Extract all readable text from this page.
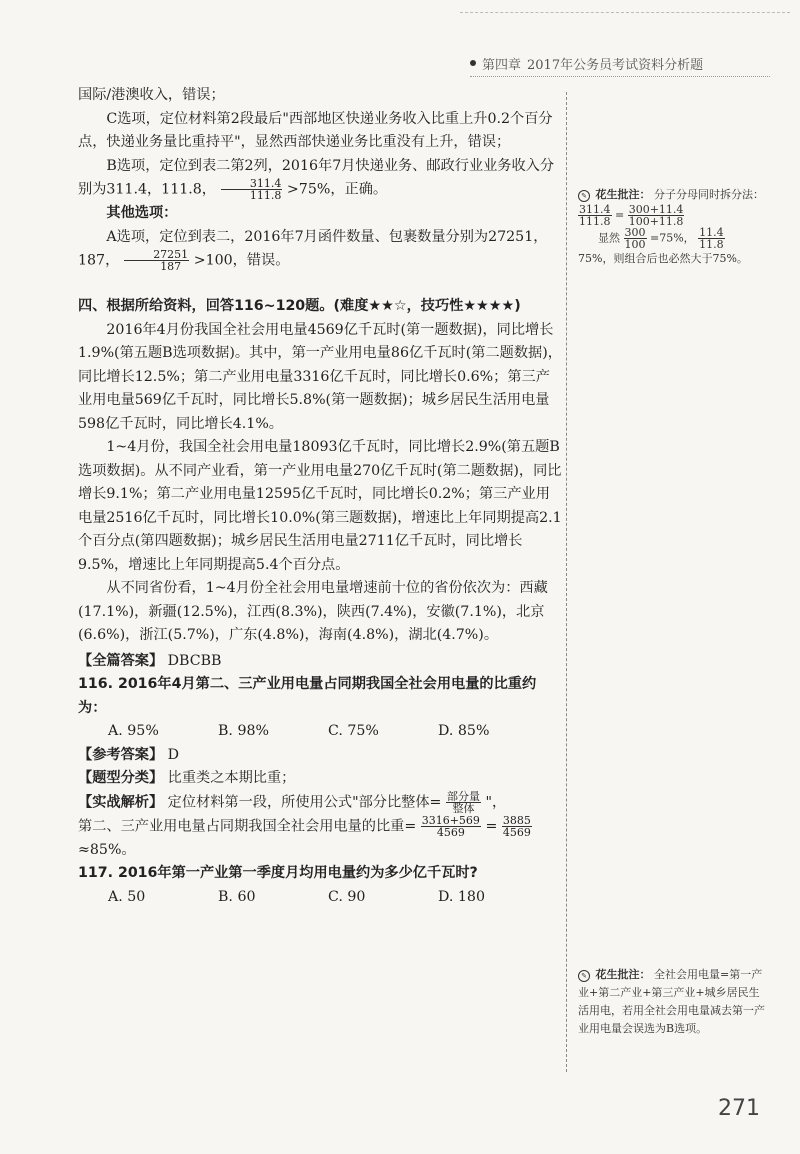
第四章 2017年公务员考试资料分析题

国际/港澳收入，错误；

C选项，定位材料第2段最后"西部地区快递业务收入比重上升0.2个百分点，快递业务量比重持平"，显然西部快递业务比重没有上升，错误；

B选项，定位到表二第2列，2016年7月快递业务、邮政行业业务收入分别为311.4，111.8， $\frac{311.4}{111.8} >75\%$，正确。

其他选项：

A选项，定位到表二，2016年7月函件数量、包裹数量分别为27251，187， $\frac{27251}{187} >100$，错误。

四、根据所给资料，回答116~120题。(难度★★☆，技巧性★★★★)

2016年4月份我国全社会用电量4569亿千瓦时(第一题数据)，同比增长1.9%(第五题B选项数据)。其中，第一产业用电量86亿千瓦时(第二题数据)，同比增长12.5%；第二产业用电量3316亿千瓦时，同比增长0.6%；第三产业用电量569亿千瓦时，同比增长5.8%(第一题数据)；城乡居民生活用电量598亿千瓦时，同比增长4.1%。

1~4月份，我国全社会用电量18093亿千瓦时，同比增长2.9%(第五题B选项数据)。从不同产业看，第一产业用电量270亿千瓦时(第二题数据)，同比增长9.1%；第二产业用电量12595亿千瓦时，同比增长0.2%；第三产业用电量2516亿千瓦时，同比增长10.0%(第三题数据)，增速比上年同期提高2.1个百分点(第四题数据)；城乡居民生活用电量2711亿千瓦时，同比增长9.5%，增速比上年同期提高5.4个百分点。

从不同省份看，1~4月份全社会用电量增速前十位的省份依次为：西藏(17.1%)，新疆(12.5%)，江西(8.3%)，陕西(7.4%)，安徽(7.1%)，北京(6.6%)，浙江(5.7%)，广东(4.8%)，海南(4.8%)，湖北(4.7%)。

【全篇答案】 DBCBB

116. 2016年4月第二、三产业用电量占同期我国全社会用电量的比重约为：

A. 95%	B. 98%	C. 75%	D. 85%

【参考答案】 D

【题型分类】 比重类之本期比重；

【实战解析】 定位材料第一段，所使用公式"部分比整体= $\frac{\text{部分量}}{\text{整体}}$ "，

第二、三产业用电量占同期我国全社会用电量的比重= $\frac{3316+569}{4569} = \frac{3885}{4569}$
≈85%。

117. 2016年第一产业第一季度月均用电量约为多少亿千瓦时?

A. 50	B. 60	C. 90	D. 180

✎ 花生批注： 分子分母同时拆分法：

$\frac{311.4}{111.8} = \frac{300+11.4}{100+11.8}$

显然 $\frac{300}{100} =75\%$， $\frac{11.4}{11.8}$

75%，则组合后也必然大于75%。

✎ 花生批注： 全社会用电量=第一产业+第二产业+第三产业+城乡居民生活用电，若用全社会用电量减去第一产业用电量会误选为B选项。

271
